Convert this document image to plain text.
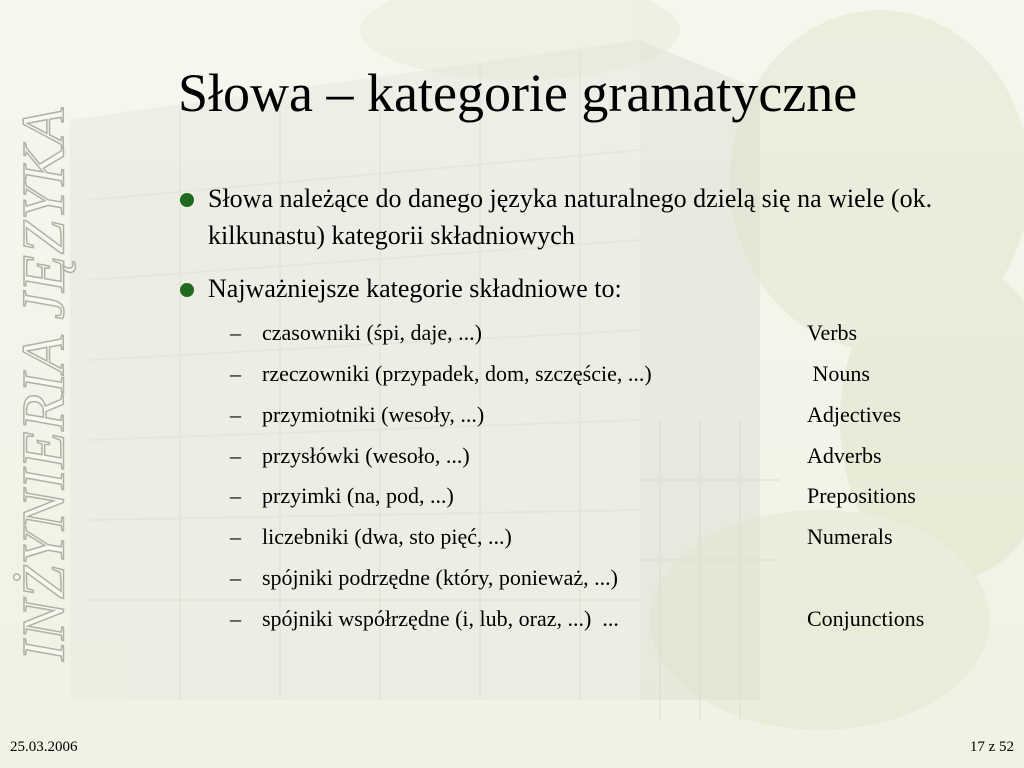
INŻYNIERIA JĘZYKA
Słowa – kategorie gramatyczne
Słowa należące do danego języka naturalnego dzielą się na wiele (ok. kilkunastu) kategorii składniowych
Najważniejsze kategorie składniowe to:
– czasowniki (śpi, daje, ...)	Verbs
– rzeczowniki (przypadek, dom, szczęście, ...)	Nouns
– przymiotniki (wesoły, ...)	Adjectives
– przysłówki (wesoło, ...)	Adverbs
– przyimki (na, pod, ...)	Prepositions
– liczebniki (dwa, sto pięć, ...)	Numerals
– spójniki podrzędne (który, ponieważ, ...)
– spójniki współrzędne (i, lub, oraz, ...)  ...	Conjunctions
25.03.2006	17 z 52
